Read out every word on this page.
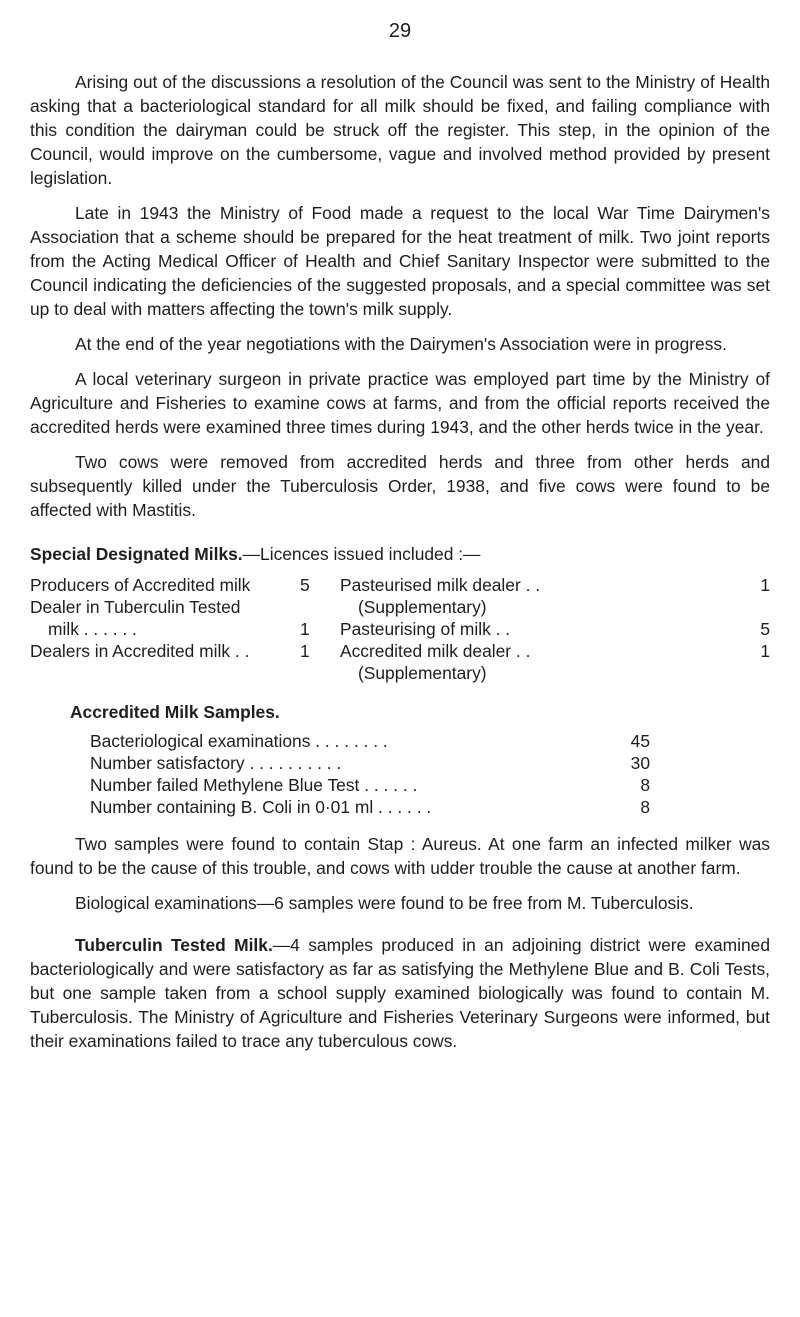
29

Arising out of the discussions a resolution of the Council was sent to the Ministry of Health asking that a bacteriological standard for all milk should be fixed, and failing compliance with this condition the dairyman could be struck off the register. This step, in the opinion of the Council, would improve on the cumbersome, vague and involved method provided by present legislation.

Late in 1943 the Ministry of Food made a request to the local War Time Dairymen's Association that a scheme should be prepared for the heat treatment of milk. Two joint reports from the Acting Medical Officer of Health and Chief Sanitary Inspector were submitted to the Council indicating the deficiencies of the suggested proposals, and a special committee was set up to deal with matters affecting the town's milk supply.

At the end of the year negotiations with the Dairymen's Association were in progress.

A local veterinary surgeon in private practice was employed part time by the Ministry of Agriculture and Fisheries to examine cows at farms, and from the official reports received the accredited herds were examined three times during 1943, and the other herds twice in the year.

Two cows were removed from accredited herds and three from other herds and subsequently killed under the Tuberculosis Order, 1938, and five cows were found to be affected with Mastitis.

Special Designated Milks.—Licences issued included :—
Producers of Accredited milk	5	Pasteurised milk dealer . .	1
Dealer in Tuberculin Tested	(Supplementary)
milk . . . . . .	1	Pasteurising of milk . .	5
Dealers in Accredited milk . .	1	Accredited milk dealer . .	1
(Supplementary)
Accredited Milk Samples.
Bacteriological examinations . . . . . . . .	45
Number satisfactory . . . . . . . . . .	30
Number failed Methylene Blue Test . . . . . .	8
Number containing B. Coli in 0·01 ml . . . . . .	8

Two samples were found to contain Stap : Aureus. At one farm an infected milker was found to be the cause of this trouble, and cows with udder trouble the cause at another farm.

Biological examinations—6 samples were found to be free from M. Tuberculosis.

Tuberculin Tested Milk.—4 samples produced in an adjoining district were examined bacteriologically and were satisfactory as far as satisfying the Methylene Blue and B. Coli Tests, but one sample taken from a school supply examined biologically was found to contain M. Tuberculosis. The Ministry of Agriculture and Fisheries Veterinary Surgeons were informed, but their examinations failed to trace any tuberculous cows.
